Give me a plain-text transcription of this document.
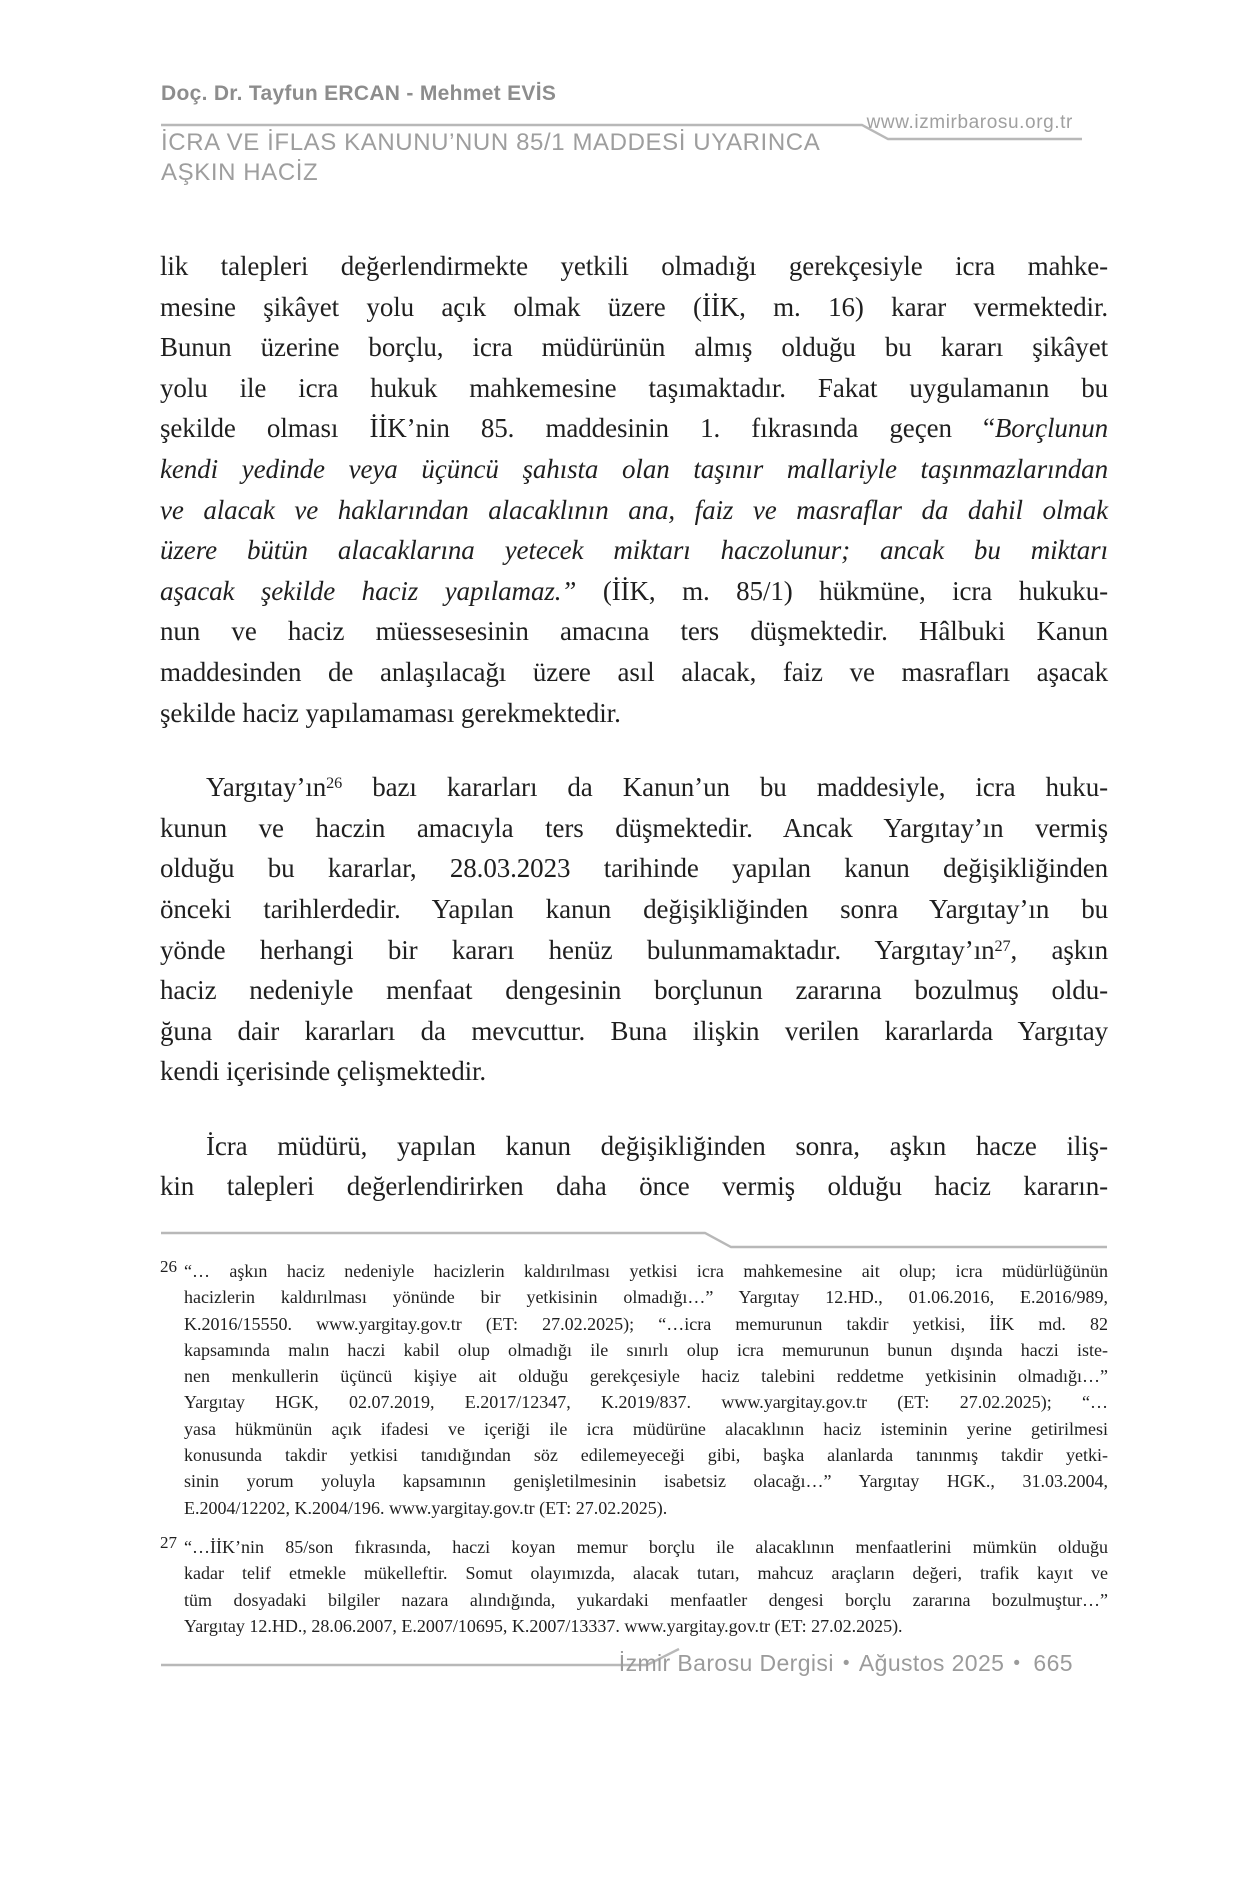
Doç. Dr. Tayfun ERCAN - Mehmet EVİS
www.izmirbarosu.org.tr
İCRA VE İFLAS KANUNU’NUN 85/1 MADDESİ UYARINCA
AŞKIN HACİZ
lik talepleri değerlendirmekte yetkili olmadığı gerekçesiyle icra mahke-
mesine şikâyet yolu açık olmak üzere (İİK, m. 16) karar vermektedir.
Bunun üzerine borçlu, icra müdürünün almış olduğu bu kararı şikâyet
yolu ile icra hukuk mahkemesine taşımaktadır. Fakat uygulamanın bu
şekilde olması İİK’nin 85. maddesinin 1. fıkrasında geçen “Borçlunun
kendi yedinde veya üçüncü şahısta olan taşınır mallariyle taşınmazlarından
ve alacak ve haklarından alacaklının ana, faiz ve masraflar da dahil olmak
üzere bütün alacaklarına yetecek miktarı haczolunur; ancak bu miktarı
aşacak şekilde haciz yapılamaz.” (İİK, m. 85/1) hükmüne, icra hukuku-
nun ve haciz müessesesinin amacına ters düşmektedir. Hâlbuki Kanun
maddesinden de anlaşılacağı üzere asıl alacak, faiz ve masrafları aşacak
şekilde haciz yapılamaması gerekmektedir.
Yargıtay’ın$^{26}$ bazı kararları da Kanun’un bu maddesiyle, icra huku-
kunun ve haczin amacıyla ters düşmektedir. Ancak Yargıtay’ın vermiş
olduğu bu kararlar, 28.03.2023 tarihinde yapılan kanun değişikliğinden
önceki tarihlerdedir. Yapılan kanun değişikliğinden sonra Yargıtay’ın bu
yönde herhangi bir kararı henüz bulunmamaktadır. Yargıtay’ın$^{27}$, aşkın
haciz nedeniyle menfaat dengesinin borçlunun zararına bozulmuş oldu-
ğuna dair kararları da mevcuttur. Buna ilişkin verilen kararlarda Yargıtay
kendi içerisinde çelişmektedir.
İcra müdürü, yapılan kanun değişikliğinden sonra, aşkın hacze iliş-
kin talepleri değerlendirirken daha önce vermiş olduğu haciz kararın-
26 “… aşkın haciz nedeniyle hacizlerin kaldırılması yetkisi icra mahkemesine ait olup; icra müdürlüğünün
hacizlerin kaldırılması yönünde bir yetkisinin olmadığı…” Yargıtay 12.HD., 01.06.2016, E.2016/989,
K.2016/15550. www.yargitay.gov.tr (ET: 27.02.2025); “…icra memurunun takdir yetkisi, İİK md. 82
kapsamında malın haczi kabil olup olmadığı ile sınırlı olup icra memurunun bunun dışında haczi iste-
nen menkullerin üçüncü kişiye ait olduğu gerekçesiyle haciz talebini reddetme yetkisinin olmadığı…”
Yargıtay HGK, 02.07.2019, E.2017/12347, K.2019/837. www.yargitay.gov.tr (ET: 27.02.2025); “…
yasa hükmünün açık ifadesi ve içeriği ile icra müdürüne alacaklının haciz isteminin yerine getirilmesi
konusunda takdir yetkisi tanıdığından söz edilemeyeceği gibi, başka alanlarda tanınmış takdir yetki-
sinin yorum yoluyla kapsamının genişletilmesinin isabetsiz olacağı…” Yargıtay HGK., 31.03.2004,
E.2004/12202, K.2004/196. www.yargitay.gov.tr (ET: 27.02.2025).
27 “…İİK’nin 85/son fıkrasında, haczi koyan memur borçlu ile alacaklının menfaatlerini mümkün olduğu
kadar telif etmekle mükelleftir. Somut olayımızda, alacak tutarı, mahcuz araçların değeri, trafik kayıt ve
tüm dosyadaki bilgiler nazara alındığında, yukardaki menfaatler dengesi borçlu zararına bozulmuştur…”
Yargıtay 12.HD., 28.06.2007, E.2007/10695, K.2007/13337. www.yargitay.gov.tr (ET: 27.02.2025).
İzmir Barosu Dergisi • Ağustos 2025 • 665
